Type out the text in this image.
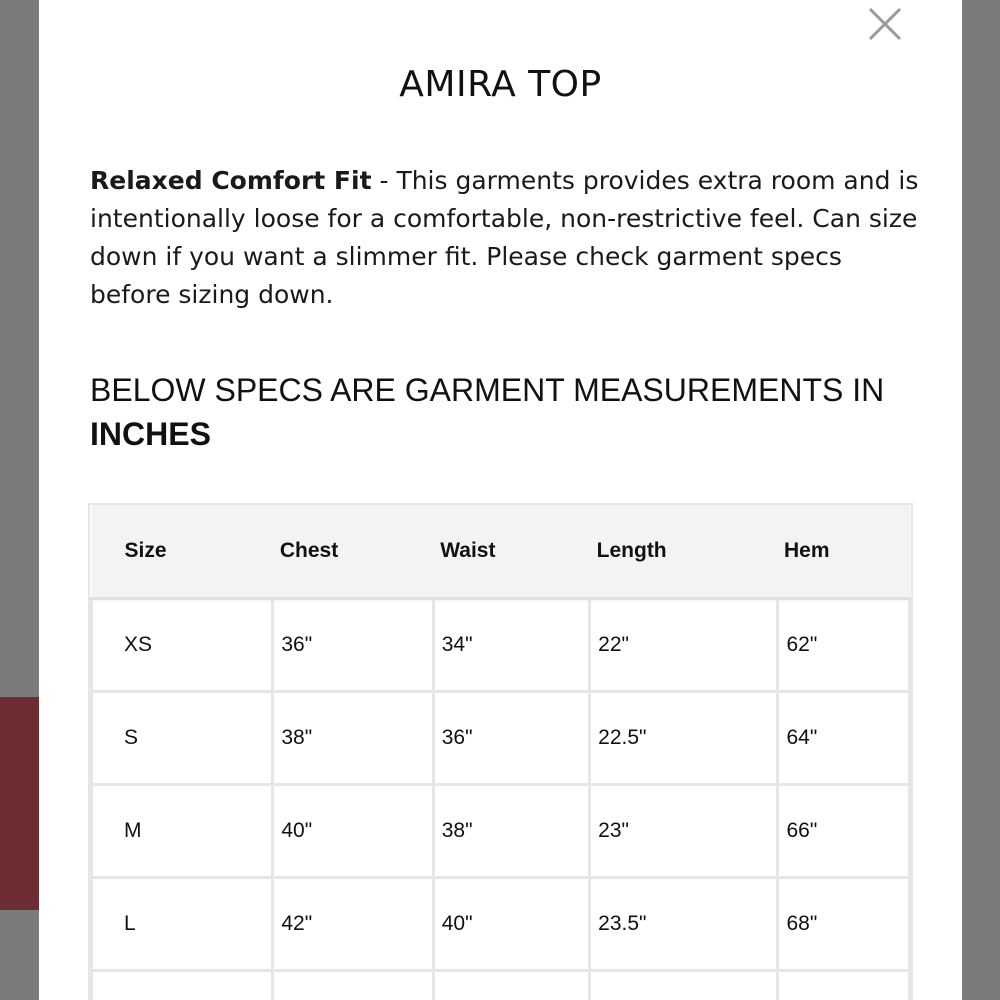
AMIRA TOP

Relaxed Comfort Fit - This garments provides extra room and is intentionally loose for a comfortable, non-restrictive feel. Can size down if you want a slimmer fit. Please check garment specs before sizing down.

BELOW SPECS ARE GARMENT MEASUREMENTS IN INCHES
Size	Chest	Waist	Length	Hem
XS	36"	34"	22"	62"
S	38"	36"	22.5"	64"
M	40"	38"	23"	66"
L	42"	40"	23.5"	68"
